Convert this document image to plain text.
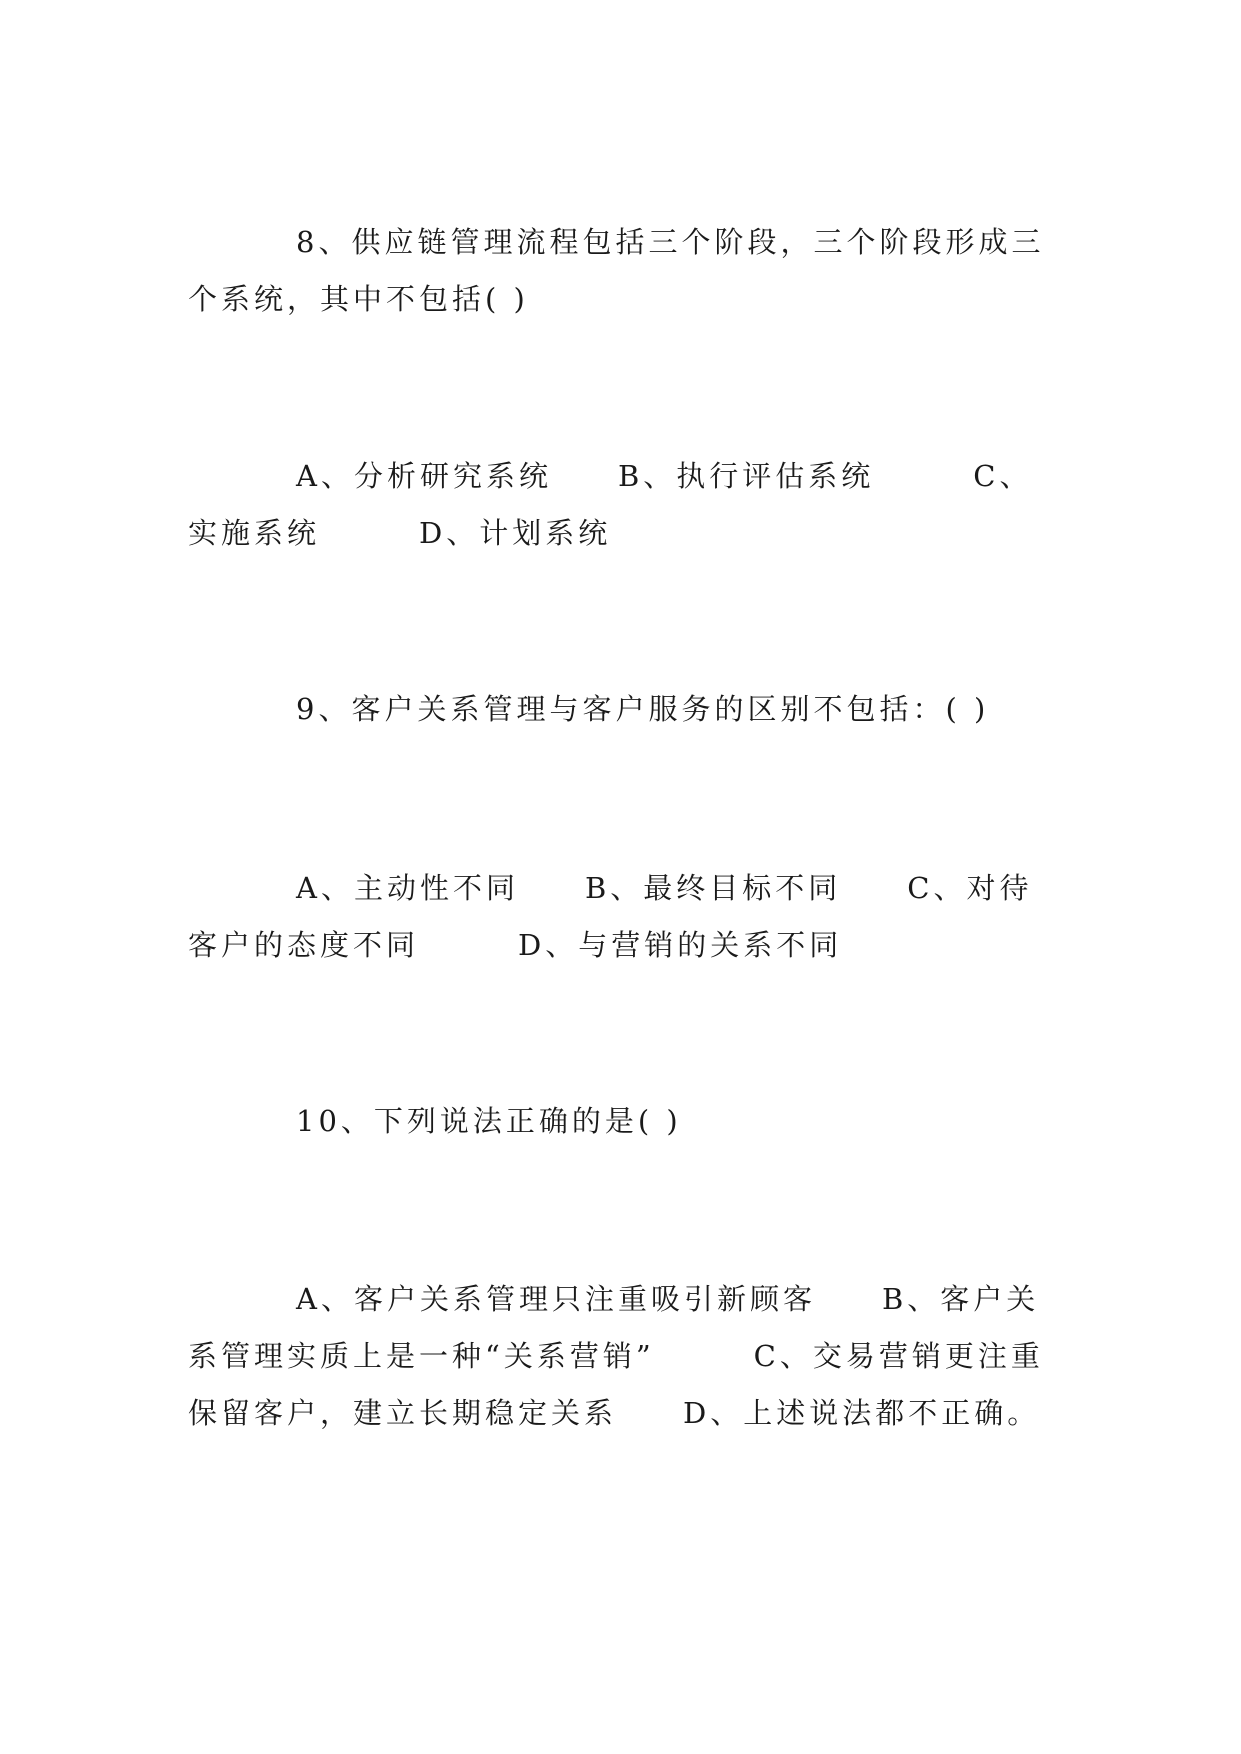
8、供应链管理流程包括三个阶段，三个阶段形成三个系统，其中不包括( )

A、分析研究系统　　B、执行评估系统　　　C、实施系统　　　D、计划系统

9、客户关系管理与客户服务的区别不包括：( )

A、主动性不同　　B、最终目标不同　　C、对待客户的态度不同　　　D、与营销的关系不同

10、下列说法正确的是( )

A、客户关系管理只注重吸引新顾客　　B、客户关系管理实质上是一种“关系营销”　　　C、交易营销更注重保留客户，建立长期稳定关系　　D、上述说法都不正确。
